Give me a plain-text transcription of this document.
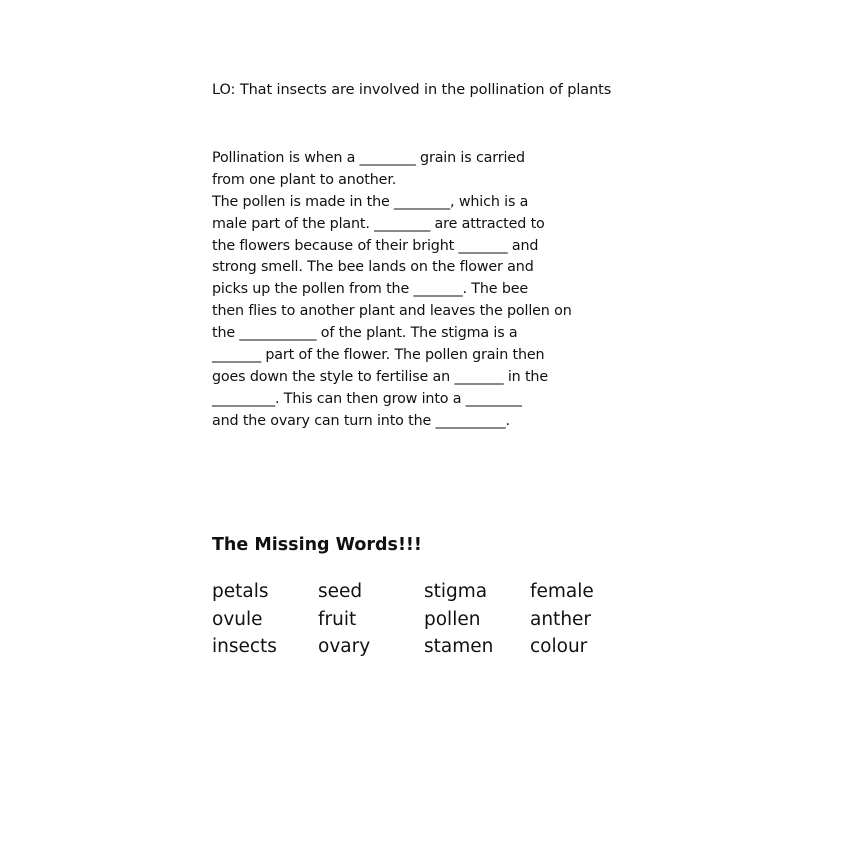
LO: That insects are involved in the pollination of plants
Pollination is when a ________ grain is carried
from one plant to another.
The pollen is made in the ________, which is a
male part of the plant. ________ are attracted to
the flowers because of their bright _______ and
strong smell. The bee lands on the flower and
picks up the pollen from the _______. The bee
then flies to another plant and leaves the pollen on
the ___________ of the plant. The stigma is a
_______ part of the flower. The pollen grain then
goes down the style to fertilise an _______ in the
_________. This can then grow into a ________
and the ovary can turn into the __________.
The Missing Words!!!
petals	seed	stigma	female
ovule	fruit	pollen	anther
insects	ovary	stamen	colour
